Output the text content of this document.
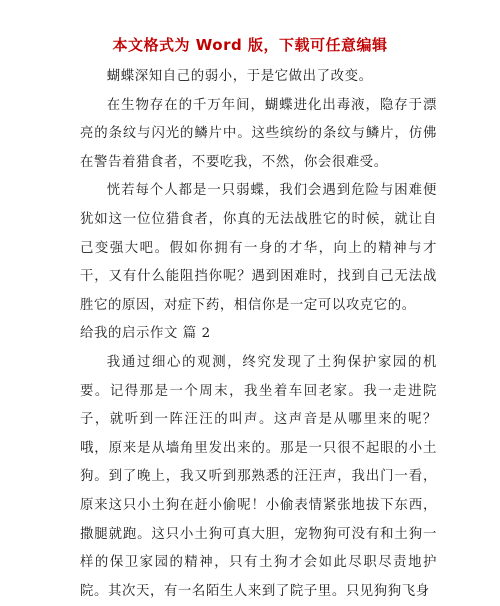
本文格式为 Word 版，下载可任意编辑

蝴蝶深知自己的弱小，于是它做出了改变。

在生物存在的千万年间，蝴蝶进化出毒液，隐存于漂亮的条纹与闪光的鳞片中。这些缤纷的条纹与鳞片，仿佛在警告着猎食者，不要吃我，不然，你会很难受。

恍若每个人都是一只弱蝶，我们会遇到危险与困难便犹如这一位位猎食者，你真的无法战胜它的时候，就让自己变强大吧。假如你拥有一身的才华，向上的精神与才干，又有什么能阻挡你呢？遇到困难时，找到自己无法战胜它的原因，对症下药，相信你是一定可以攻克它的。

给我的启示作文 篇 2

我通过细心的观测，终究发现了土狗保护家园的机要。记得那是一个周末，我坐着车回老家。我一走进院子，就听到一阵汪汪的叫声。这声音是从哪里来的呢？哦，原来是从墙角里发出来的。那是一只很不起眼的小土狗。到了晚上，我又听到那熟悉的汪汪声，我出门一看，原来这只小土狗在赶小偷呢！小偷表情紧张地拔下东西，撒腿就跑。这只小土狗可真大胆，宠物狗可没有和土狗一样的保卫家园的精神，只有土狗才会如此尽职尽责地护院。其次天，有一名陌生人来到了院子里。只见狗狗飞身
